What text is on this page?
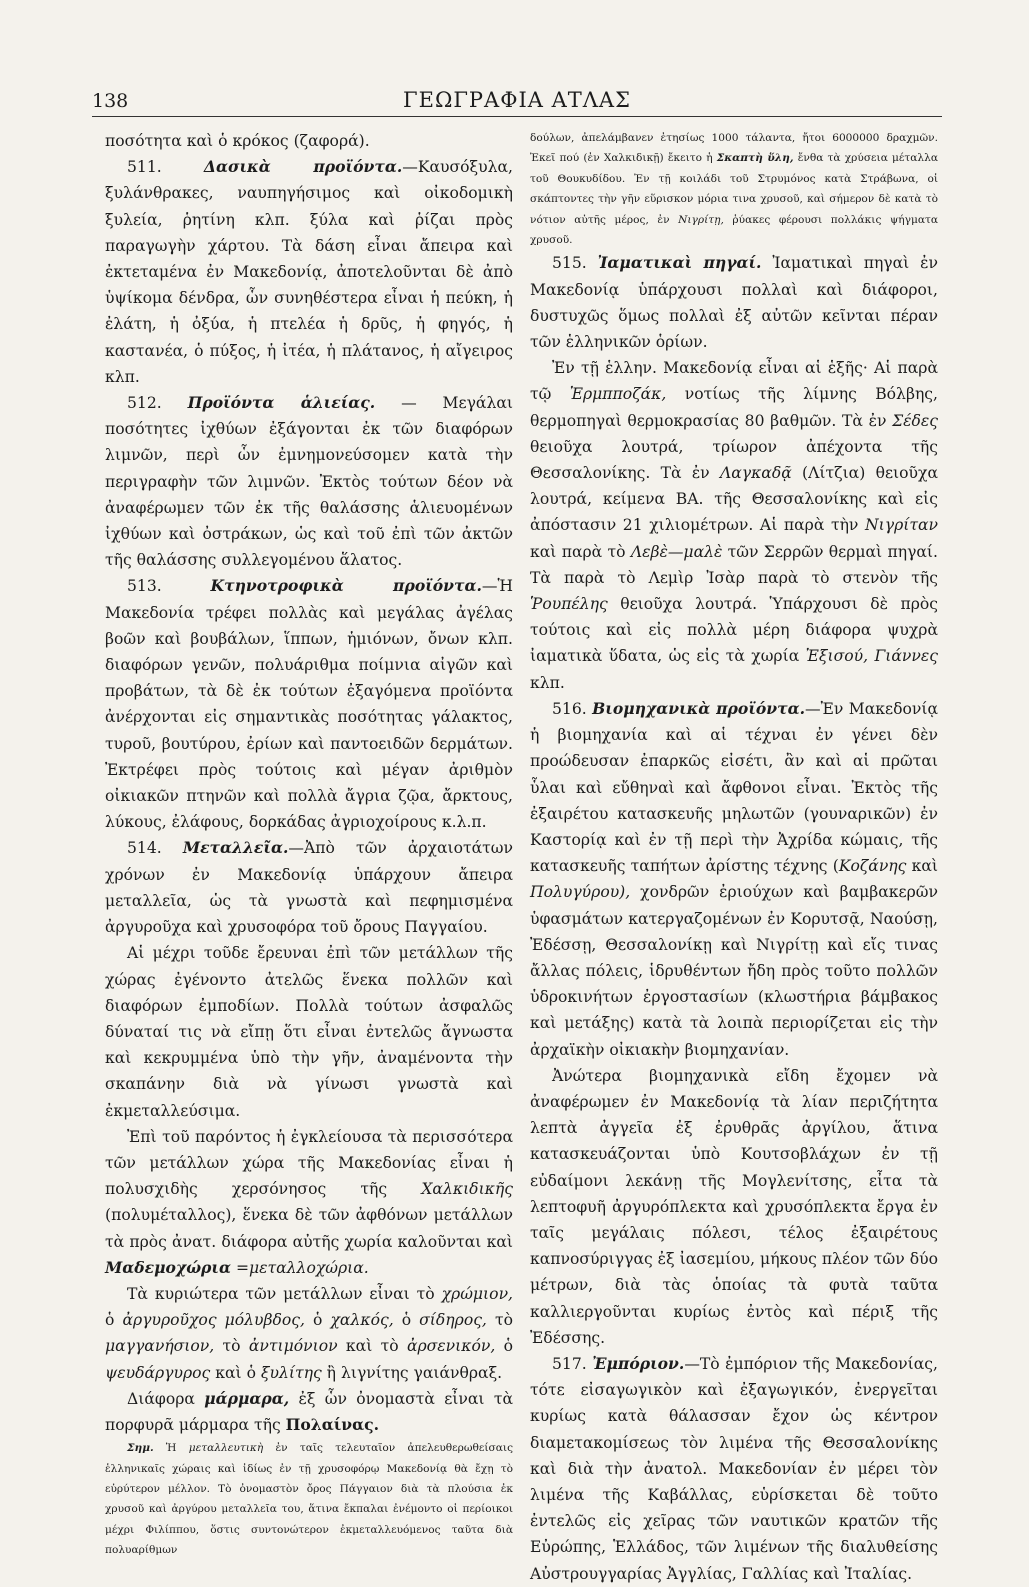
138	ΓΕΩΓΡΑΦΙΑ ΑΤΛΑΣ

ποσότητα καὶ ὁ κρόκος (ζαφορά).

511.	Δασικὰ προϊόντα.—Καυσόξυλα, ξυλάνθρακες, ναυπηγήσιμος καὶ οἰκοδομικὴ ξυλεία, ῥητίνη κλπ. ξύλα καὶ ῥίζαι πρὸς παραγωγὴν χάρτου. Τὰ δάση εἶναι ἄπειρα καὶ ἐκτεταμένα ἐν Μακεδονίᾳ, ἀποτελοῦνται δὲ ἀπὸ ὑψίκομα δένδρα, ὧν συνηθέστερα εἶναι ἡ πεύκη, ἡ ἐλάτη, ἡ ὀξύα, ἡ πτελέα ἡ δρῦς, ἡ φηγός, ἡ καστανέα, ὁ πύξος, ἡ ἰτέα, ἡ πλάτανος, ἡ αἴγειρος κλπ.

512. Προϊόντα ἁλιείας. — Μεγάλαι ποσότητες ἰχθύων ἐξάγονται ἐκ τῶν διαφόρων λιμνῶν, περὶ ὧν ἐμνημονεύσομεν κατὰ τὴν περιγραφὴν τῶν λιμνῶν. Ἐκτὸς τούτων δέον νὰ ἀναφέρωμεν τῶν ἐκ τῆς θαλάσσης ἁλιευομένων ἰχθύων καὶ ὀστράκων, ὡς καὶ τοῦ ἐπὶ τῶν ἀκτῶν τῆς θαλάσσης συλλεγομένου ἅλατος.

513.	Κτηνοτροφικὰ προϊόντα.—Ἡ Μακεδονία τρέφει πολλὰς καὶ μεγάλας ἀγέλας βοῶν καὶ βουβάλων, ἵππων, ἡμιόνων, ὄνων κλπ. διαφόρων γενῶν, πολυάριθμα ποίμνια αἰγῶν καὶ προβάτων, τὰ δὲ ἐκ τούτων ἐξαγόμενα προϊόντα ἀνέρχονται εἰς σημαντικὰς ποσότητας γάλακτος, τυροῦ, βουτύρου, ἐρίων καὶ παντοειδῶν δερμάτων. Ἐκτρέφει πρὸς τούτοις καὶ μέγαν ἀριθμὸν οἰκιακῶν πτηνῶν καὶ πολλὰ ἄγρια ζῷα, ἄρκτους, λύκους, ἐλάφους, δορκάδας ἀγριοχοίρους κ.λ.π.

514. Μεταλλεῖα.—Ἀπὸ τῶν ἀρχαιοτάτων χρόνων ἐν Μακεδονίᾳ ὑπάρχουν ἄπειρα μεταλλεῖα, ὡς τὰ γνωστὰ καὶ πεφημισμένα ἀργυροῦχα καὶ χρυσοφόρα τοῦ ὄρους Παγγαίου.

Αἱ μέχρι τοῦδε ἔρευναι ἐπὶ τῶν μετάλλων τῆς χώρας ἐγένοντο ἀτελῶς ἕνεκα πολλῶν καὶ διαφόρων ἐμποδίων. Πολλὰ τούτων ἀσφαλῶς δύναταί τις νὰ εἴπῃ ὅτι εἶναι ἐντελῶς ἄγνωστα καὶ κεκρυμμένα ὑπὸ τὴν γῆν, ἀναμένοντα τὴν σκαπάνην διὰ νὰ γίνωσι γνωστὰ καὶ ἐκμεταλλεύσιμα.

Ἐπὶ τοῦ παρόντος ἡ ἐγκλείουσα τὰ περισσότερα τῶν μετάλλων χώρα τῆς Μακεδονίας εἶναι ἡ πολυσχιδὴς χερσόνησος τῆς Χαλκιδικῆς (πολυμέταλλος), ἕνεκα δὲ τῶν ἀφθόνων μετάλλων τὰ πρὸς ἀνατ. διάφορα αὐτῆς χωρία καλοῦνται καὶ Μαδεμοχώρια =μεταλλοχώρια.

Τὰ κυριώτερα τῶν μετάλλων εἶναι τὸ χρώμιον, ὁ ἀργυροῦχος μόλυβδος, ὁ χαλκός, ὁ σίδηρος, τὸ μαγγανήσιον, τὸ ἀντιμόνιον καὶ τὸ ἀρσενικόν, ὁ ψευδάργυρος καὶ ὁ ξυλίτης ἢ λιγνίτης γαιάνθραξ.

Διάφορα μάρμαρα, ἐξ ὧν ὀνομαστὰ εἶναι τὰ πορφυρᾶ μάρμαρα τῆς Πολαίνας.

Σημ. Ἡ μεταλλευτικὴ ἐν ταῖς τελευταῖον ἀπελευθερωθείσαις ἑλληνικαῖς χώραις καὶ ἰδίως ἐν τῇ χρυσοφόρῳ Μακεδονίᾳ θὰ ἔχῃ τὸ εὐρύτερον μέλλον. Τὸ ὀνομαστὸν ὄρος Πάγγαιον διὰ τὰ πλούσια ἐκ χρυσοῦ καὶ ἀργύρου μεταλλεῖα του, ἅτινα ἔκπαλαι ἐνέμοντο οἱ περίοικοι μέχρι Φιλίππου, ὅστις συντονώτερον ἐκμεταλλευόμενος ταῦτα διὰ πολυαρίθμων

δούλων, ἀπελάμβανεν ἐτησίως 1000 τάλαντα, ἤτοι 6000000 δραχμῶν. Ἐκεῖ πού (ἐν Χαλκιδικῇ) ἔκειτο ἡ Σκαπτὴ ὕλη, ἔνθα τὰ χρύσεια μέταλλα τοῦ Θουκυδίδου. Ἐν τῇ κοιλάδι τοῦ Στρυμόνος κατὰ Στράβωνα, οἱ σκάπτοντες τὴν γῆν εὕρισκον μόρια τινα χρυσοῦ, καὶ σήμερον δὲ κατὰ τὸ νότιον αὐτῆς μέρος, ἐν Νιγρίτῃ, ῥύακες φέρουσι πολλάκις ψήγματα χρυσοῦ.

515. Ἰαματικαὶ πηγαί. Ἰαματικαὶ πηγαὶ ἐν Μακεδονίᾳ ὑπάρχουσι πολλαὶ καὶ διάφοροι, δυστυχῶς ὅμως πολλαὶ ἐξ αὐτῶν κεῖνται πέραν τῶν ἑλληνικῶν ὁρίων.

Ἐν τῇ ἑλλην. Μακεδονίᾳ εἶναι αἱ ἑξῆς· Αἱ παρὰ τῷ Ἐρμπποζάκ, νοτίως τῆς λίμνης Βόλβης, θερμοπηγαὶ θερμοκρασίας 80 βαθμῶν. Τὰ ἐν Σέδες θειοῦχα λουτρά, τρίωρον ἀπέχοντα τῆς Θεσσαλονίκης. Τὰ ἐν Λαγκαδᾷ (Λίτζια) θειοῦχα λουτρά, κείμενα ΒΑ. τῆς Θεσσαλονίκης καὶ εἰς ἀπόστασιν 21 χιλιομέτρων. Αἱ παρὰ τὴν Νιγρίταν καὶ παρὰ τὸ Λεβὲ—μαλὲ τῶν Σερρῶν θερμαὶ πηγαί. Τὰ παρὰ τὸ Λεμὶρ Ἰσὰρ παρὰ τὸ στενὸν τῆς Ῥουπέλης θειοῦχα λουτρά. Ὑπάρχουσι δὲ πρὸς τούτοις καὶ εἰς πολλὰ μέρη διάφορα ψυχρὰ ἰαματικὰ ὕδατα, ὡς εἰς τὰ χωρία Ἐξισού, Γιάννες κλπ.

516. Βιομηχανικὰ προϊόντα.—Ἐν Μακεδονίᾳ ἡ βιομηχανία καὶ αἱ τέχναι ἐν γένει δὲν προώδευσαν ἐπαρκῶς εἰσέτι, ἂν καὶ αἱ πρῶται ὗλαι καὶ εὔθηναὶ καὶ ἄφθονοι εἶναι. Ἐκτὸς τῆς ἐξαιρέτου κατασκευῆς μηλωτῶν (γουναρικῶν) ἐν Καστορίᾳ καὶ ἐν τῇ περὶ τὴν Ἀχρίδα κώμαις, τῆς κατασκευῆς ταπήτων ἀρίστης τέχνης (Κοζάνης καὶ Πολυγύρου), χονδρῶν ἐριούχων καὶ βαμβακερῶν ὑφασμάτων κατεργαζομένων ἐν Κορυτσᾷ, Ναούσῃ, Ἐδέσσῃ, Θεσσαλονίκῃ καὶ Νιγρίτῃ καὶ εἴς τινας ἄλλας πόλεις, ἱδρυθέντων ἤδη πρὸς τοῦτο πολλῶν ὑδροκινήτων ἐργοστασίων (κλωστήρια βάμβακος καὶ μετάξης) κατὰ τὰ λοιπὰ περιορίζεται εἰς τὴν ἀρχαϊκὴν οἰκιακὴν βιομηχανίαν.

Ἀνώτερα βιομηχανικὰ εἴδη ἔχομεν νὰ ἀναφέρωμεν ἐν Μακεδονίᾳ τὰ λίαν περιζήτητα λεπτὰ ἀγγεῖα ἐξ ἐρυθρᾶς ἀργίλου, ἅτινα κατασκευάζονται ὑπὸ Κουτσοβλάχων ἐν τῇ εὐδαίμονι λεκάνῃ τῆς Μογλενίτσης, εἶτα τὰ λεπτοφυῆ ἀργυρόπλεκτα καὶ χρυσόπλεκτα ἔργα ἐν ταῖς μεγάλαις πόλεσι, τέλος ἐξαιρέτους καπνοσύριγγας ἐξ ἰασεμίου, μήκους πλέον τῶν δύο μέτρων, διὰ τὰς ὁποίας τὰ φυτὰ ταῦτα καλλιεργοῦνται κυρίως ἐντὸς καὶ πέριξ τῆς Ἐδέσσης.

517. Ἐμπόριον.—Τὸ ἐμπόριον τῆς Μακεδονίας, τότε εἰσαγωγικὸν καὶ ἐξαγωγικόν, ἐνεργεῖται κυρίως κατὰ θάλασσαν ἔχον ὡς κέντρον διαμετακομίσεως τὸν λιμένα τῆς Θεσσαλονίκης καὶ διὰ τὴν ἀνατολ. Μακεδονίαν ἐν μέρει τὸν λιμένα τῆς Καβάλλας, εὑρίσκεται δὲ τοῦτο ἐντελῶς εἰς χεῖρας τῶν ναυτικῶν κρατῶν τῆς Εὐρώπης, Ἑλλάδος, τῶν λιμένων τῆς διαλυθείσης Αὐστρουγγαρίας Ἀγγλίας, Γαλλίας καὶ Ἰταλίας.
